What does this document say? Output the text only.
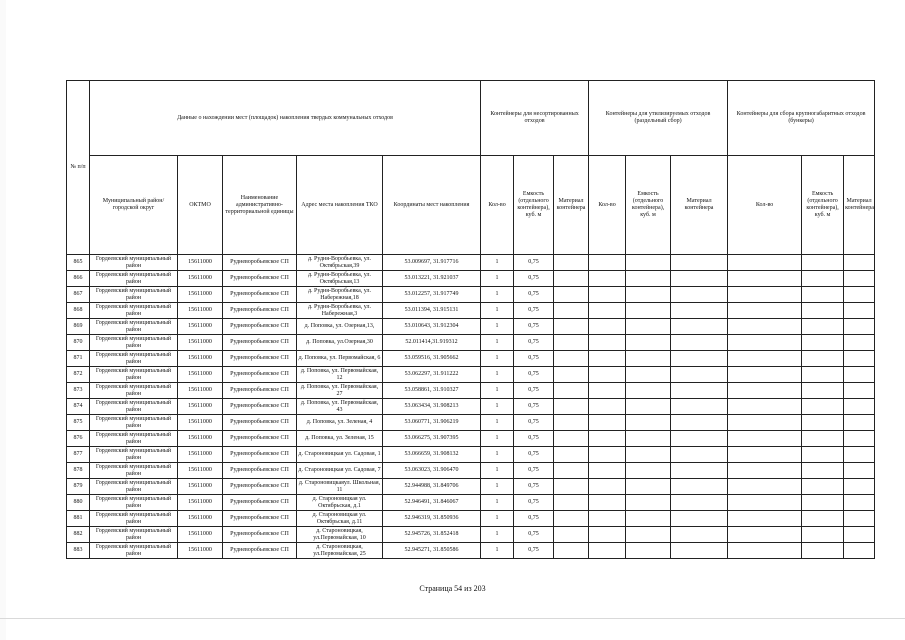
№ п/п	Данные о нахождении мест (площадок) накопления твердых коммунальных отходов					Контейнеры для несортированных отходов			Контейнеры для утилизируемых отходов (раздельный сбор)			Контейнеры для сбора крупногабаритных отходов (бункеры)		
	Муниципальный район/городской округ	ОКТМО	Наименование административно-территориальной единицы	Адрес места накопления ТКО	Координаты мест накопления	Кол-во	Емкость (отдельного контейнера), куб. м	Материал контейнера	Кол-во	Емкость (отдельного контейнера), куб. м	Материал контейнера	Кол-во	Емкость (отдельного контейнера), куб. м	Материал контейнера
865	Гордеевский муниципальный район	15611000	Рудневоробьевское СП	д. Рудня-Воробьевка, ул. Октябрьская,39	53.009697, 31.917716	1	0,75							
866	Гордеевский муниципальный район	15611000	Рудневоробьевское СП	д. Рудня-Воробьевка, ул. Октябрьская,13	53.013221, 31.921037	1	0,75							
867	Гордеевский муниципальный район	15611000	Рудневоробьевское СП	д. Рудня-Воробьевка, ул. Набережная,18	53.012257, 31.917749	1	0,75							
868	Гордеевский муниципальный район	15611000	Рудневоробьевское СП	д. Рудня-Воробьевка, ул. Набережная,3	53.011394, 31.915131	1	0,75							
869	Гордеевский муниципальный район	15611000	Рудневоробьевское СП	д. Поповка, ул. Озерная,13,	53.010643, 31.912304	1	0,75							
870	Гордеевский муниципальный район	15611000	Рудневоробьевское СП	д. Поповка, ул.Озерная,30	52.011414,31.919312	1	0,75							
871	Гордеевский муниципальный район	15611000	Рудневоробьевское СП	д. Поповка, ул. Первомайская, 6	53.059516, 31.905662	1	0,75							
872	Гордеевский муниципальный район	15611000	Рудневоробьевское СП	д. Поповка, ул. Первомайская, 12	53.062297, 31.911222	1	0,75							
873	Гордеевский муниципальный район	15611000	Рудневоробьевское СП	д. Поповка, ул. Первомайская, 27	53.058861, 31.910327	1	0,75							
874	Гордеевский муниципальный район	15611000	Рудневоробьевское СП	д. Поповка, ул. Первомайская, 43	53.063434, 31.908213	1	0,75							
875	Гордеевский муниципальный район	15611000	Рудневоробьевское СП	д. Поповка, ул. Зеленая, 4	53.060771, 31.906219	1	0,75							
876	Гордеевский муниципальный район	15611000	Рудневоробьевское СП	д. Поповка, ул. Зеленая, 15	53.066275, 31.907395	1	0,75							
877	Гордеевский муниципальный район	15611000	Рудневоробьевское СП	д. Староновицкая ул. Садовая, 1	53.066659, 31.908132	1	0,75							
878	Гордеевский муниципальный район	15611000	Рудневоробьевское СП	д. Староновицкая ул. Садовая, 7	53.063023, 31.906470	1	0,75							
879	Гордеевский муниципальный район	15611000	Рудневоробьевское СП	д. Староновицкаяул. Школьная, 11	52.944988, 31.849706	1	0,75							
880	Гордеевский муниципальный район	15611000	Рудневоробьевское СП	д. Староновицкая ул. Октябрьская, д.1	52.946491, 31.846067	1	0,75							
881	Гордеевский муниципальный район	15611000	Рудневоробьевское СП	д. Староновицкая ул. Октябрьская, д.11	52.946319, 31.850936	1	0,75							
882	Гордеевский муниципальный район	15611000	Рудневоробьевское СП	д. Староновицкая, ул.Первомайская, 10	52.945726, 31.852418	1	0,75							
883	Гордеевский муниципальный район	15611000	Рудневоробьевское СП	д. Староновицкая, ул.Первомайская, 25	52.945271, 31.850586	1	0,75							
Страница 54 из 203
